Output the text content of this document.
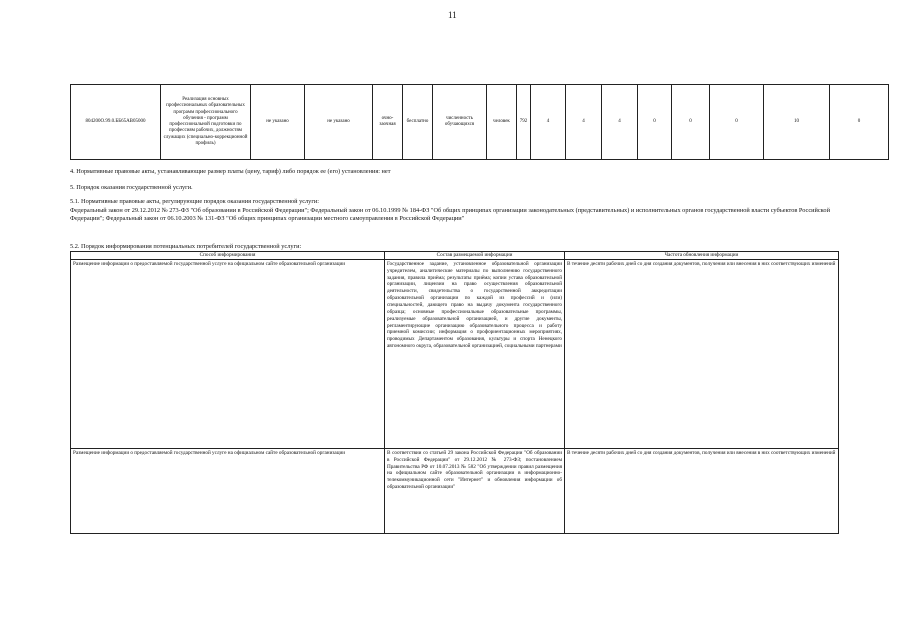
11
804200О.99.0.ББ65АВ05000	Реализация основных профессиональных образовательных программ профессионального обучения - программ профессиональной подготовки по профессиям рабочих, должностям служащих (специально-коррекционной профиль)	не указано	не указано	очно-заочная	бесплатно	численность обучающихся	человек	792	4	4	4	0	0	0	10	0
4. Нормативные правовые акты, устанавливающие размер платы (цену, тариф) либо порядок ее (его) установления: нет
5. Порядок оказания государственной услуги.
5.1. Нормативные правовые акты, регулирующие порядок оказания государственной услуги:
Федеральный закон от 29.12.2012 № 273-ФЗ "Об образовании в Российской Федерации"; Федеральный закон от 06.10.1999 № 184-ФЗ "Об общих принципах организации законодательных (представительных) и исполнительных органов государственной власти субъектов Российской Федерации"; Федеральный закон от 06.10.2003 № 131-ФЗ "Об общих принципах организации местного самоуправления в Российской Федерации"
5.2. Порядок информирования потенциальных потребителей государственной услуги:
Способ информирования	Состав размещаемой информации	Частота обновления информации
Размещение информации о предоставляемой государственной услуге на официальном сайте образовательной организации	Государственное задание, установленное образовательной организации учредителем, аналитические материалы по выполнению государственного задания, правила приёма; результаты приёма; копии устава образовательной организации, лицензии на право осуществления образовательной деятельности, свидетельства о государственной аккредитации образовательной организации по каждой из профессий и (или) специальностей, дающего право на выдачу документа государственного образца; основные профессиональные образовательные программы, реализуемые образовательной организацией, и другие документы, регламентирующие организацию образовательного процесса и работу приемной комиссии; информация о профориентационных мероприятиях, проводимых Департаментом образования, культуры и спорта Ненецкого автономного округа, образовательной организацией, социальными партнерами	В течение десяти рабочих дней со дня создания документов, получения или внесения в них соответствующих изменений
Размещение информации о предоставляемой государственной услуге на официальном сайте образовательной организации	В соответствии со статьей 29 закона Российской Федерации "Об образовании в Российской Федерации" от 29.12.2012 № 273-ФЗ; постановлением Правительства РФ от 10.07.2013 № 582 "Об утверждении правил размещения на официальном сайте образовательной организации в информационно-телекоммуникационной сети "Интернет" и обновления информации об образовательной организации"	В течение десяти рабочих дней со дня создания документов, получения или внесения в них соответствующих изменений
